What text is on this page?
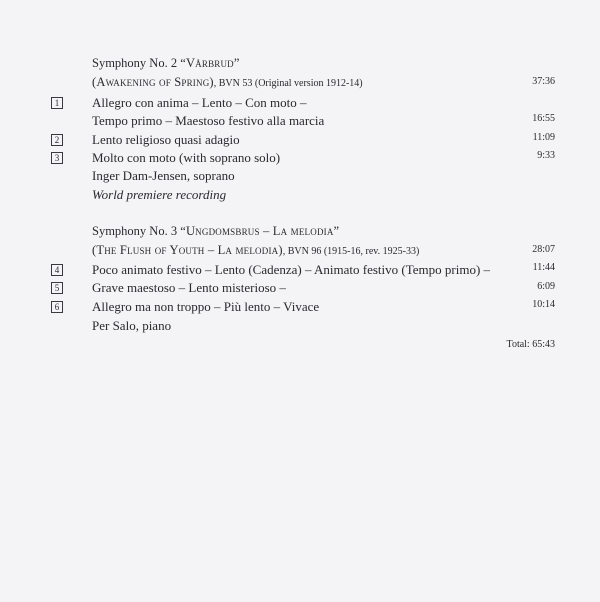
Symphony No. 2 “Vårbrud”
(Awakening of Spring), BVN 53 (Original version 1912-14)	37:36
1	Allegro con anima – Lento – Con moto –
Tempo primo – Maestoso festivo alla marcia	16:55
2	Lento religioso quasi adagio	11:09
3	Molto con moto (with soprano solo)	9:33
Inger Dam-Jensen, soprano
World premiere recording
Symphony No. 3 “Ungdomsbrus – La melodia”
(The Flush of Youth – La melodia), BVN 96 (1915-16, rev. 1925-33)	28:07
4	Poco animato festivo – Lento (Cadenza) – Animato festivo (Tempo primo) –	11:44
5	Grave maestoso – Lento misterioso –	6:09
6	Allegro ma non troppo – Più lento – Vivace	10:14
Per Salo, piano
Total: 65:43
